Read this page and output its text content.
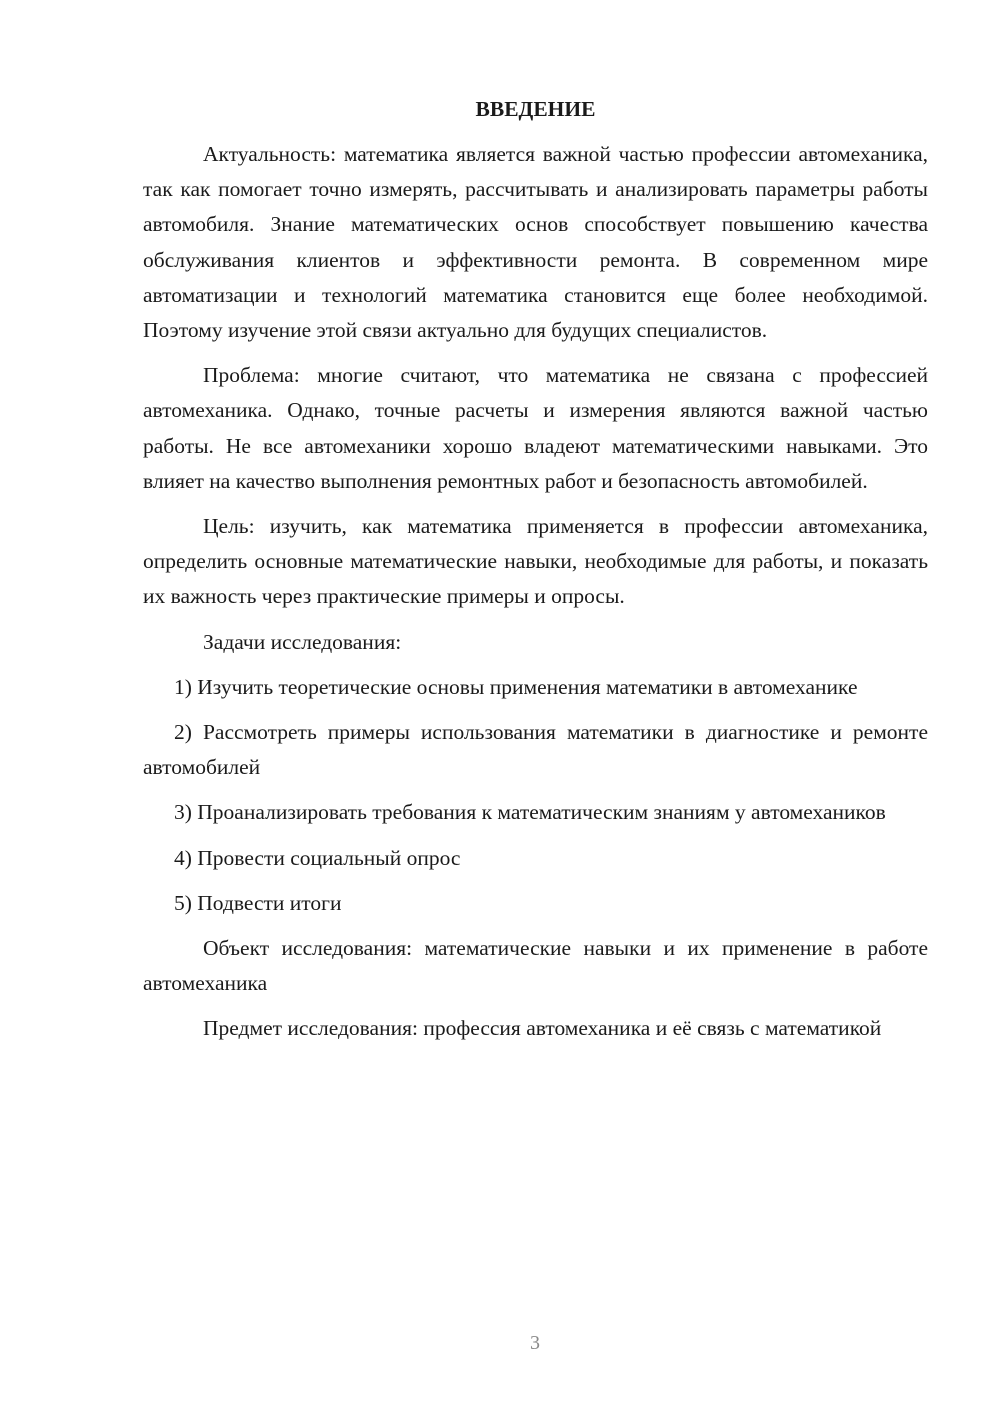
ВВЕДЕНИЕ

Актуальность: математика является важной частью профессии автомеханика, так как помогает точно измерять, рассчитывать и анализировать параметры работы автомобиля. Знание математических основ способствует повышению качества обслуживания клиентов и эффективности ремонта. В современном мире автоматизации и технологий математика становится еще более необходимой. Поэтому изучение этой связи актуально для будущих специалистов.

Проблема: многие считают, что математика не связана с профессией автомеханика. Однако, точные расчеты и измерения являются важной частью работы. Не все автомеханики хорошо владеют математическими навыками. Это влияет на качество выполнения ремонтных работ и безопасность автомобилей.

Цель: изучить, как математика применяется в профессии автомеханика, определить основные математические навыки, необходимые для работы, и показать их важность через практические примеры и опросы.

Задачи исследования:

1) Изучить теоретические основы применения математики в автомеханике

2) Рассмотреть примеры использования математики в диагностике и ремонте автомобилей

3) Проанализировать требования к математическим знаниям у автомехаников

4) Провести социальный опрос

5) Подвести итоги

Объект исследования: математические навыки и их применение в работе автомеханика

Предмет исследования: профессия автомеханика и её связь с математикой

3
